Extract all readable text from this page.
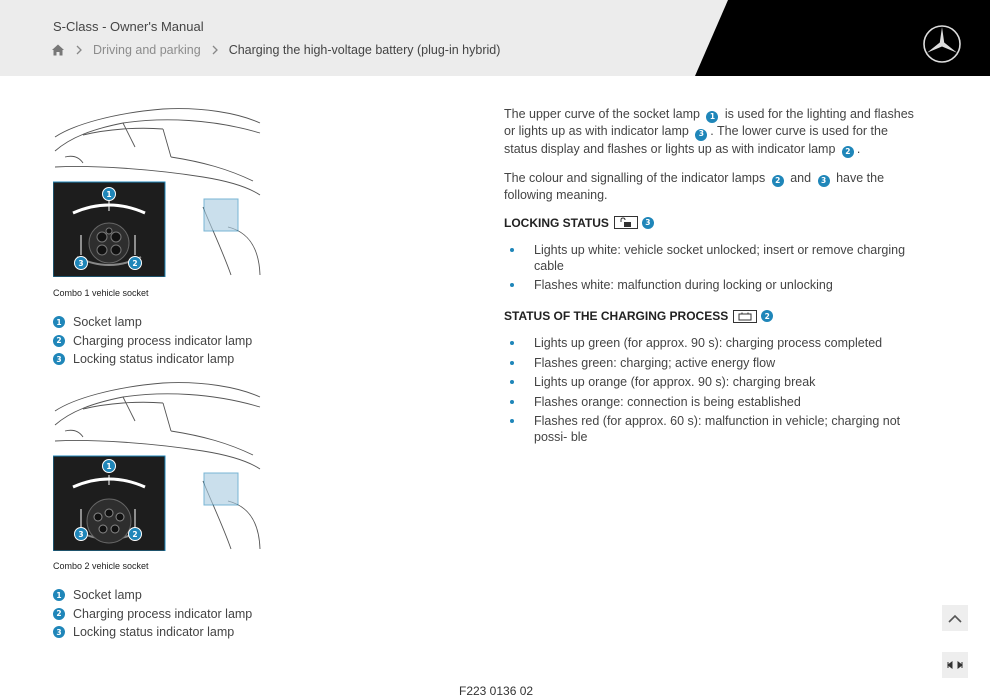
S-Class - Owner's Manual
Driving and parking Charging the high-voltage battery (plug-in hybrid)
1
3	2
Combo 1 vehicle socket
1 Socket lamp
2 Charging process indicator lamp
3 Locking status indicator lamp
1
3	2
Combo 2 vehicle socket
1 Socket lamp
2 Charging process indicator lamp
3 Locking status indicator lamp

The upper curve of the socket lamp 1 is used for the lighting and flashes or lights up as with indicator lamp 3 . The lower curve is used for the status display and flashes or lights up as with indicator lamp 2 .

The colour and signalling of the indicator lamps 2 and 3 have the following meaning.

LOCKING STATUS	3
Lights up white: vehicle socket unlocked; insert or remove charging cable
Flashes white: malfunction during locking or unlocking
STATUS OF THE CHARGING PROCESS	2
Lights up green (for approx. 90 s): charging process completed
Flashes green: charging; active energy flow
Lights up orange (for approx. 90 s): charging break
Flashes orange: connection is being established
Flashes red (for approx. 60 s): malfunction in vehicle; charging not possi- ble
F223 0136 02
